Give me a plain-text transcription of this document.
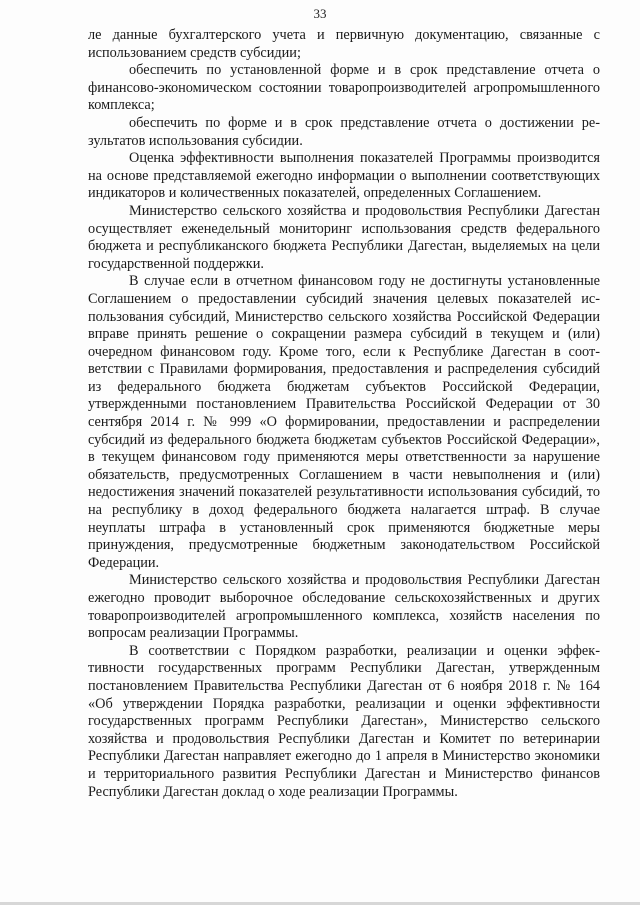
33

ле данные бухгалтерского учета и первичную документацию, связанные с использованием средств субсидии;

обеспечить по установленной форме и в срок представление отчета о финансово-экономическом состоянии товаропроизводителей агропромышленного комплекса;

обеспечить по форме и в срок представление отчета о достижении результатов использования субсидии.

Оценка эффективности выполнения показателей Программы производится на основе представляемой ежегодно информации о выполнении соответствующих индикаторов и количественных показателей, определенных Соглашением.

Министерство сельского хозяйства и продовольствия Республики Дагестан осуществляет еженедельный мониторинг использования средств федерального бюджета и республиканского бюджета Республики Дагестан, выделяемых на цели государственной поддержки.

В случае если в отчетном финансовом году не достигнуты установленные Соглашением о предоставлении субсидий значения целевых показателей использования субсидий, Министерство сельского хозяйства Российской Федерации вправе принять решение о сокращении размера субсидий в текущем и (или) очередном финансовом году. Кроме того, если к Республике Дагестан в соответствии с Правилами формирования, предоставления и распределения субсидий из федерального бюджета бюджетам субъектов Российской Федерации, утвержденными постановлением Правительства Российской Федерации от 30 сентября 2014 г. № 999 «О формировании, предоставлении и распределении субсидий из федерального бюджета бюджетам субъектов Российской Федерации», в текущем финансовом году применяются меры ответственности за нарушение обязательств, предусмотренных Соглашением в части невыполнения и (или) недостижения значений показателей результативности использования субсидий, то на республику в доход федерального бюджета налагается штраф. В случае неуплаты штрафа в установленный срок применяются бюджетные меры принуждения, предусмотренные бюджетным законодательством Российской Федерации.

Министерство сельского хозяйства и продовольствия Республики Дагестан ежегодно проводит выборочное обследование сельскохозяйственных и других товаропроизводителей агропромышленного комплекса, хозяйств населения по вопросам реализации Программы.

В соответствии с Порядком разработки, реализации и оценки эффективности государственных программ Республики Дагестан, утвержденным постановлением Правительства Республики Дагестан от 6 ноября 2018 г. № 164 «Об утверждении Порядка разработки, реализации и оценки эффективности государственных программ Республики Дагестан», Министерство сельского хозяйства и продовольствия Республики Дагестан и Комитет по ветеринарии Республики Дагестан направляет ежегодно до 1 апреля в Министерство экономики и территориального развития Республики Дагестан и Министерство финансов Республики Дагестан доклад о ходе реализации Программы.
